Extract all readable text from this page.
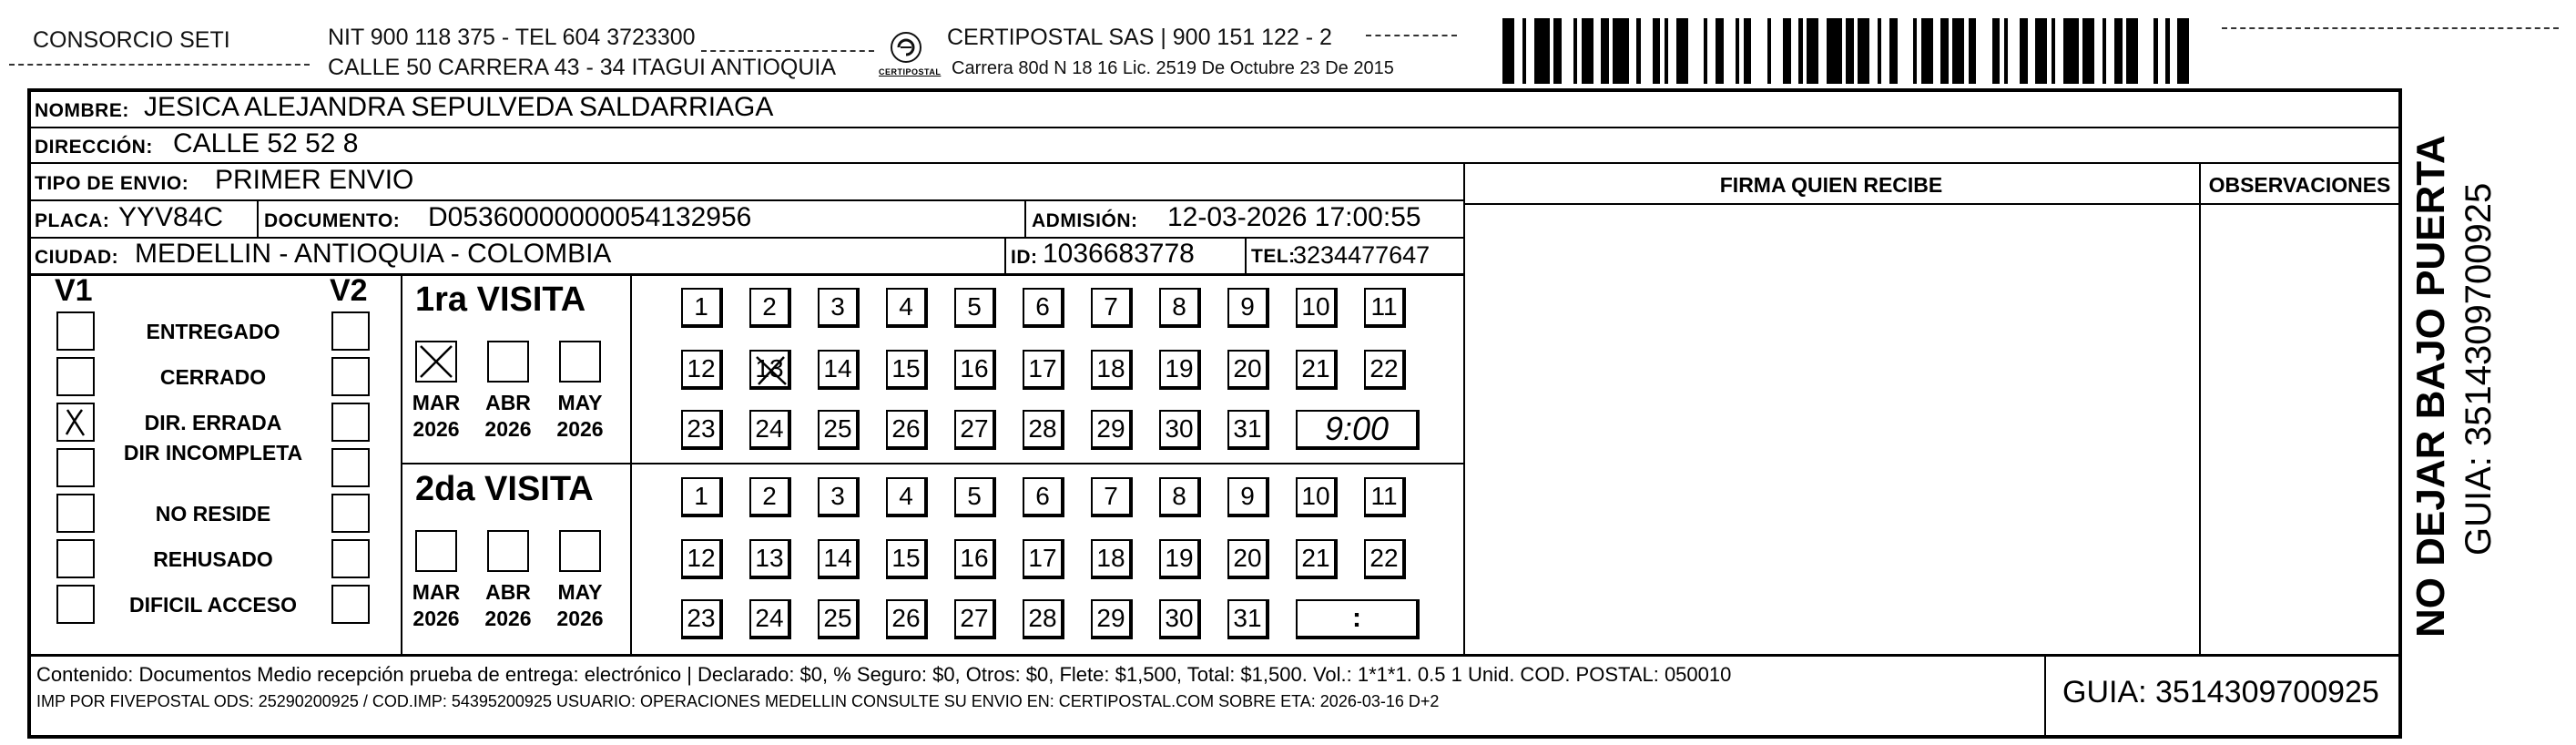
CONSORCIO SETI	NIT 900 118 375 - TEL 604 3723300
CALLE 50 CARRERA 43 - 34 ITAGUI ANTIOQUIA	CERTIPOSTAL
CERTIPOSTAL SAS | 900 151 122 - 2
Carrera 80d N 18 16 Lic. 2519 De Octubre 23 De 2015
NO DEJAR BAJO PUERTA GUIA: 3514309700925
NOMBRE: JESICA ALEJANDRA SEPULVEDA SALDARRIAGA
DIRECCIÓN: CALLE 52 52 8
TIPO DE ENVIO: PRIMER ENVIO
PLACA: YYV84C DOCUMENTO: D05360000000054132956	ADMISIÓN: 12-03-2026 17:00:55
CIUDAD: MEDELLIN - ANTIOQUIA - COLOMBIA	ID: 1036683778	TEL:
3234477647
FIRMA QUIEN RECIBE	OBSERVACIONES
V1	V2
ENTREGADO
CERRADO
DIR. ERRADA
DIR INCOMPLETA
NO RESIDE
REHUSADO
DIFICIL ACCESO
1ra VISITA
MAR
2026
ABR
2026
MAY
2026
1 2 3 4 5 6 7 8 9 10 11
12 13 14 15 16 17 18 19 20 21 22
23 24 25 26 27 28 29 30 31 9:00
2da VISITA
MAR
2026
ABR
2026
MAY
2026
1 2 3 4 5 6 7 8 9 10 11
12 13 14 15 16 17 18 19 20 21 22
23 24 25 26 27 28 29 30 31	:
Contenido: Documentos Medio recepción prueba de entrega: electrónico | Declarado: $0, % Seguro: $0, Otros: $0, Flete: $1,500, Total: $1,500. Vol.: 1*1*1. 0.5 1 Unid. COD. POSTAL: 050010
IMP POR FIVEPOSTAL ODS: 25290200925 / COD.IMP: 54395200925 USUARIO: OPERACIONES MEDELLIN CONSULTE SU ENVIO EN: CERTIPOSTAL.COM SOBRE ETA: 2026-03-16 D+2	GUIA: 3514309700925
